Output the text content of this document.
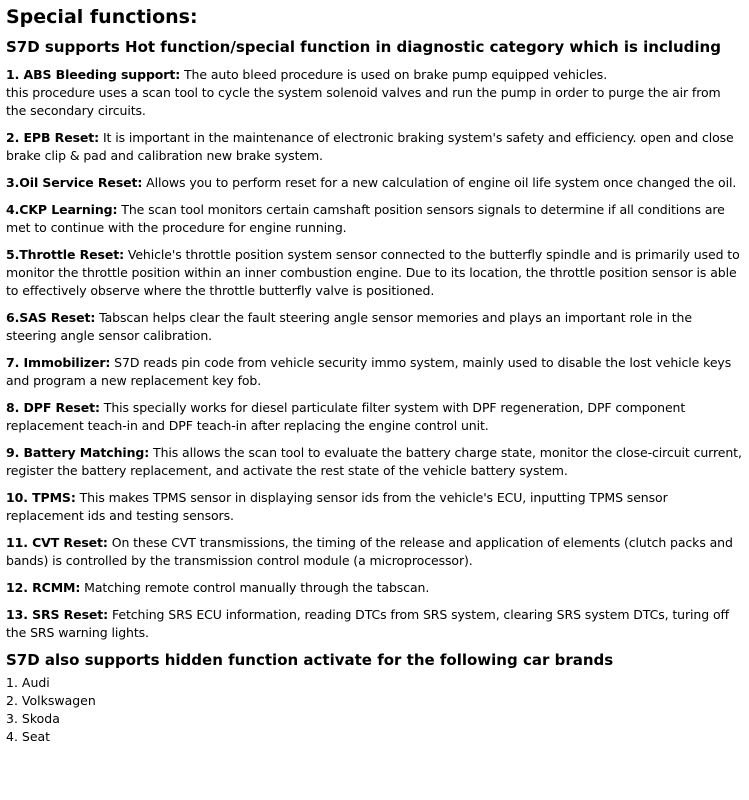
Special functions:
S7D supports Hot function/special function in diagnostic category which is including
1. ABS Bleeding support: The auto bleed procedure is used on brake pump equipped vehicles.
this procedure uses a scan tool to cycle the system solenoid valves and run the pump in order to purge the air from the secondary circuits.
2. EPB Reset: It is important in the maintenance of electronic braking system's safety and efficiency. open and close brake clip & pad and calibration new brake system.
3.Oil Service Reset: Allows you to perform reset for a new calculation of engine oil life system once changed the oil.
4.CKP Learning: The scan tool monitors certain camshaft position sensors signals to determine if all conditions are met to continue with the procedure for engine running.
5.Throttle Reset: Vehicle's throttle position system sensor connected to the butterfly spindle and is primarily used to monitor the throttle position within an inner combustion engine. Due to its location, the throttle position sensor is able to effectively observe where the throttle butterfly valve is positioned.
6.SAS Reset: Tabscan helps clear the fault steering angle sensor memories and plays an important role in the steering angle sensor calibration.
7. Immobilizer: S7D reads pin code from vehicle security immo system, mainly used to disable the lost vehicle keys and program a new replacement key fob.
8. DPF Reset: This specially works for diesel particulate filter system with DPF regeneration, DPF component replacement teach-in and DPF teach-in after replacing the engine control unit.
9. Battery Matching: This allows the scan tool to evaluate the battery charge state, monitor the close-circuit current, register the battery replacement, and activate the rest state of the vehicle battery system.
10. TPMS: This makes TPMS sensor in displaying sensor ids from the vehicle's ECU, inputting TPMS sensor replacement ids and testing sensors.
11. CVT Reset: On these CVT transmissions, the timing of the release and application of elements (clutch packs and bands) is controlled by the transmission control module (a microprocessor).
12. RCMM: Matching remote control manually through the tabscan.
13. SRS Reset: Fetching SRS ECU information, reading DTCs from SRS system, clearing SRS system DTCs, turing off the SRS warning lights.
S7D also supports hidden function activate for the following car brands
1. Audi
2. Volkswagen
3. Skoda
4. Seat
